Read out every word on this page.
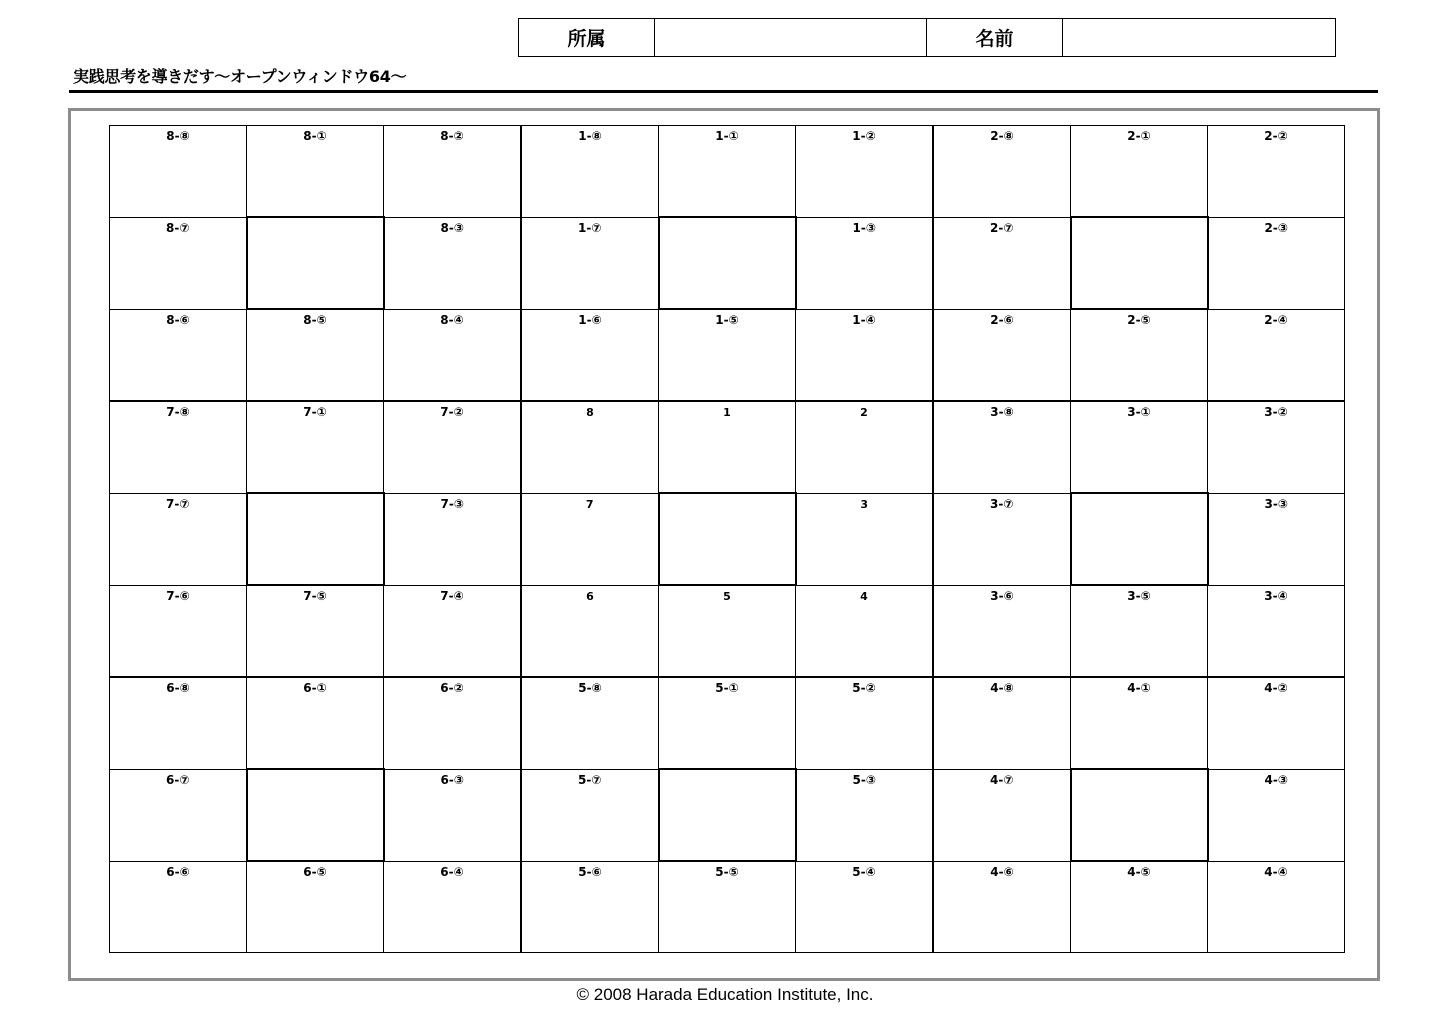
所属		名前	
実践思考を導きだす～オープンウィンドウ64～
8-⑧	8-①	8-②	1-⑧	1-①	1-②	2-⑧	2-①	2-②

8-⑦		8-③	1-⑦		1-③	2-⑦		2-③

8-⑥	8-⑤	8-④	1-⑥	1-⑤	1-④	2-⑥	2-⑤	2-④

7-⑧	7-①	7-②	8	1	2	3-⑧	3-①	3-②

7-⑦		7-③	7		3	3-⑦		3-③

7-⑥	7-⑤	7-④	6	5	4	3-⑥	3-⑤	3-④

6-⑧	6-①	6-②	5-⑧	5-①	5-②	4-⑧	4-①	4-②

6-⑦		6-③	5-⑦		5-③	4-⑦		4-③

6-⑥	6-⑤	6-④	5-⑥	5-⑤	5-④	4-⑥	4-⑤	4-④
© 2008 Harada Education Institute, Inc.
